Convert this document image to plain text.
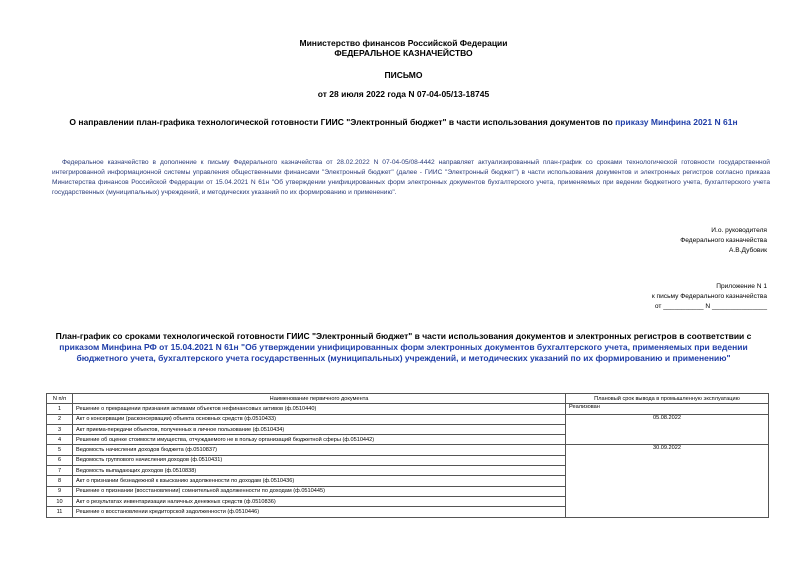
Министерство финансов Российской Федерации
ФЕДЕРАЛЬНОЕ КАЗНАЧЕЙСТВО
ПИСЬМО
от 28 июля 2022 года N 07-04-05/13-18745
О направлении план-графика технологической готовности ГИИС "Электронный бюджет" в части использования документов по приказу Минфина 2021 N 61н
Федеральное казначейство в дополнение к письму Федерального казначейства от 28.02.2022 N 07-04-05/08-4442 направляет актуализированный план-график со сроками технологической готовности государственной интегрированной информационной системы управления общественными финансами "Электронный бюджет" (далее - ГИИС "Электронный бюджет") в части использования документов и электронных регистров согласно приказа Министерства финансов Российской Федерации от 15.04.2021 N 61н "Об утверждении унифицированных форм электронных документов бухгалтерского учета, применяемых при ведении бюджетного учета, бухгалтерского учета государственных (муниципальных) учреждений, и методических указаний по их формированию и применению".
И.о. руководителя
Федерального казначейства
А.В.Дубовик
Приложение N 1
к письму Федерального казначейства
от ___________ N _______________
План-график со сроками технологической готовности ГИИС "Электронный бюджет" в части использования документов и электронных регистров в соответствии с
приказом Минфина РФ от 15.04.2021 N 61н "Об утверждении унифицированных форм электронных документов бухгалтерского учета, применяемых при ведении
бюджетного учета, бухгалтерского учета государственных (муниципальных) учреждений, и методических указаний по их формированию и применению"
N п/п	Наименование первичного документа	Плановый срок вывода в промышленную эксплуатацию
1	Решение о прекращении признания активами объектов нефинансовых активов (ф.0510440)	Реализован
2	Акт о консервации (расконсервации) объекта основных средств (ф.0510433)	05.08.2022
3	Акт приема-передачи объектов, полученных в личное пользование (ф.0510434)	
4	Решение об оценке стоимости имущества, отчуждаемого не в пользу организаций бюджетной сферы (ф.0510442)	
5	Ведомость начисления доходов бюджета (ф.0510837)	30.09.2022
6	Ведомость группового начисления доходов (ф.0510431)	
7	Ведомость выпадающих доходов (ф.0510838)	
8	Акт о признании безнадежной к взысканию задолженности по доходам (ф.0510436)	
9	Решение о признании (восстановлении) сомнительной задолженности по доходам (ф.0510445)	
10	Акт о результатах инвентаризации наличных денежных средств (ф.0510836)	
11	Решение о восстановлении кредиторской задолженности (ф.0510446)	
